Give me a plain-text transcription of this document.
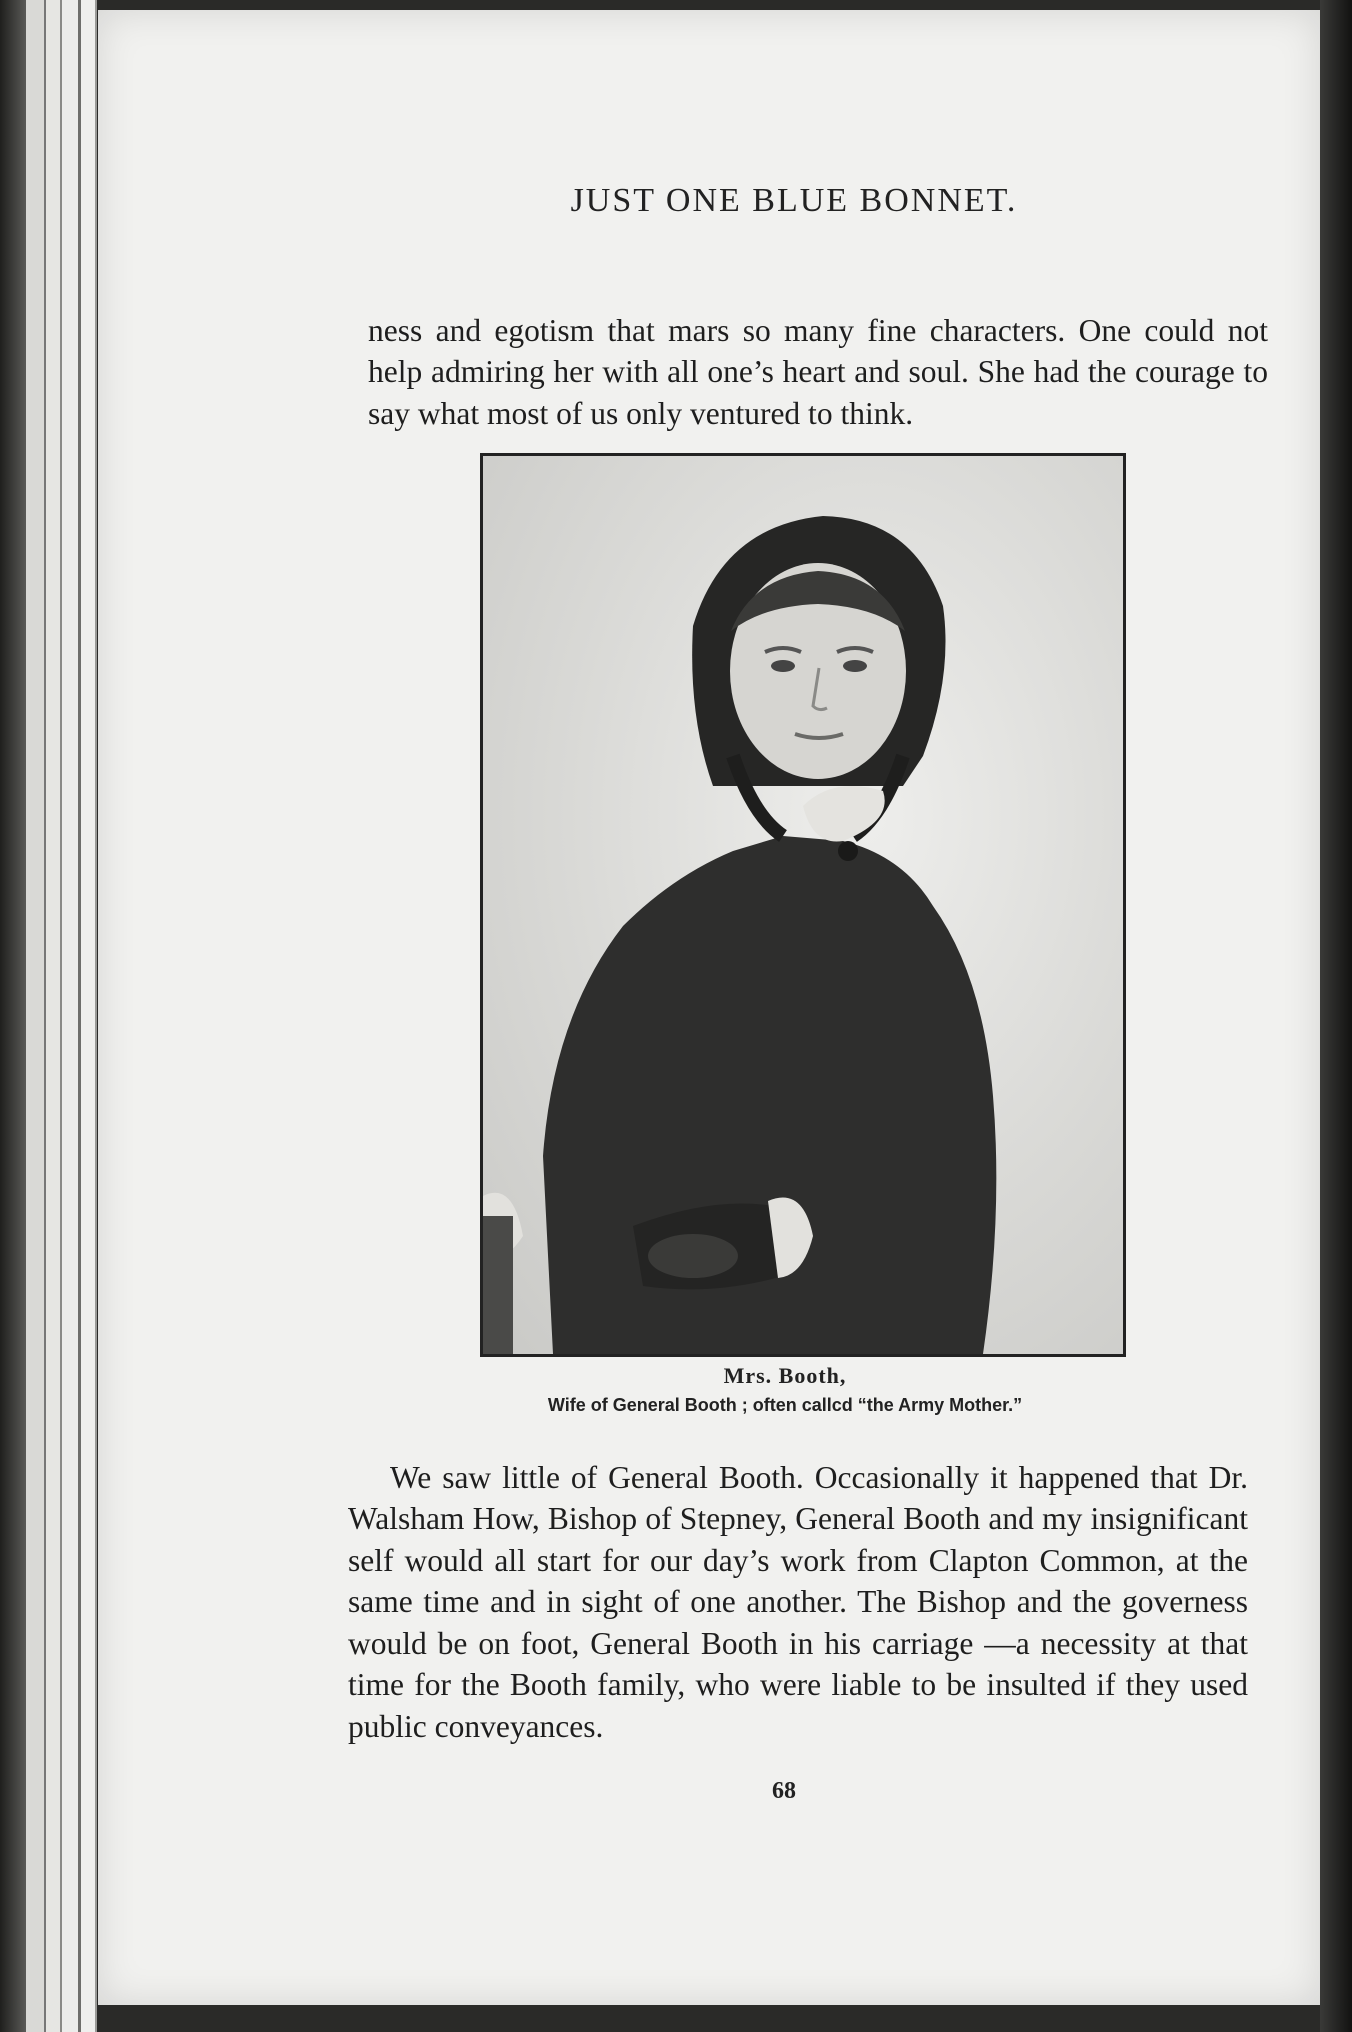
JUST ONE BLUE BONNET.

ness and egotism that mars so many fine characters. One could not help admiring her with all one’s heart and soul. She had the courage to say what most of us only ventured to think.

Mrs. Booth,
Wife of General Booth ; often callcd “the Army Mother.”

We saw little of General Booth. Occasionally it happened that Dr. Walsham How, Bishop of Stepney, General Booth and my insignificant self would all start for our day’s work from Clapton Common, at the same time and in sight of one another. The Bishop and the governess would be on foot, General Booth in his carriage —a necessity at that time for the Booth family, who were liable to be insulted if they used public conveyances.

68
